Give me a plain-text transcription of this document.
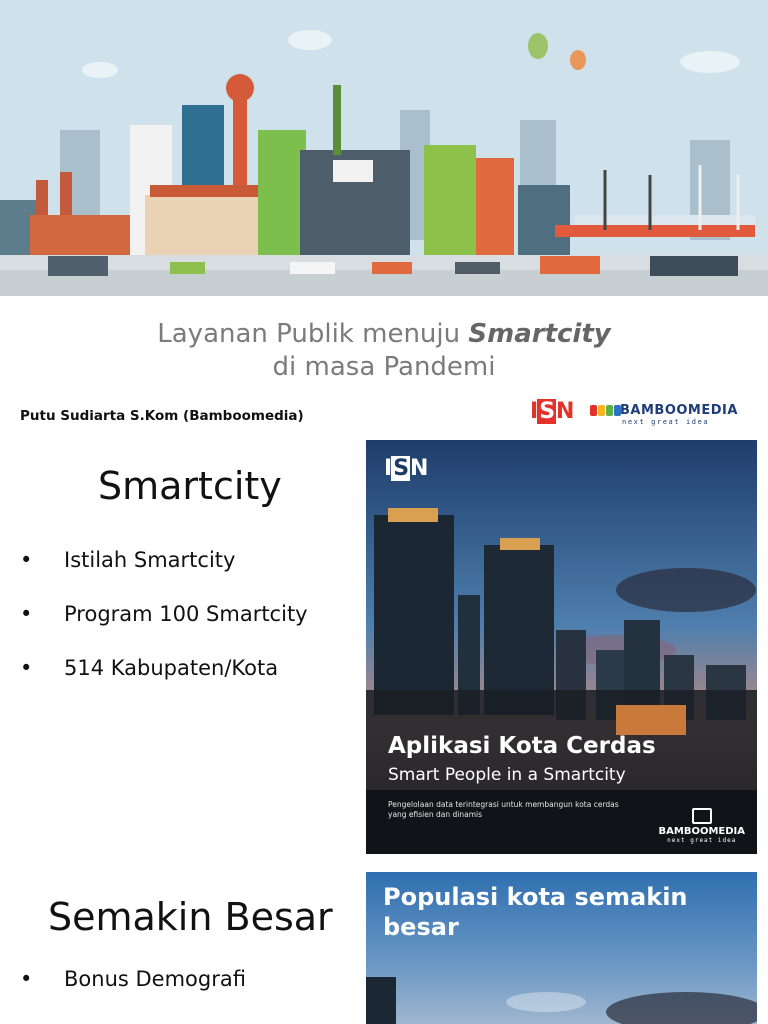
Layanan Publik menuju Smartcity
di masa Pandemi
Putu Sudiarta S.Kom (Bamboomedia)	ISN	BAMBOOMEDIA
next great idea
Smartcity
• Istilah Smartcity
• Program 100 Smartcity
• 514 Kabupaten/Kota
ISN
Aplikasi Kota Cerdas
Smart People in a Smartcity
Pengelolaan data terintegrasi untuk membangun kota cerdas yang efisien dan dinamis
BAMBOOMEDIA
next great idea
Semakin Besar
• Bonus Demografi
Populasi kota semakin besar
